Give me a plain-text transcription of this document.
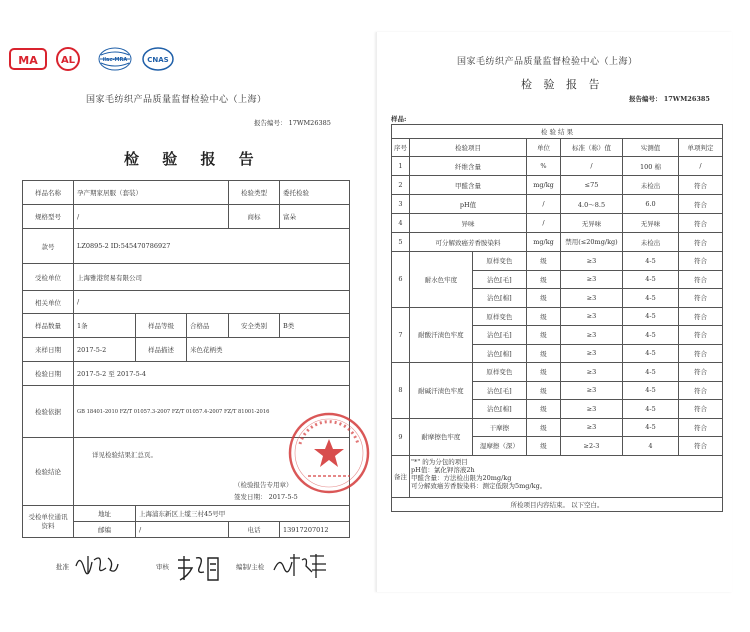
MA AL	ilac-MRA	CNAS
国家毛纺织产品质量监督检验中心（上海）
报告编号： 17WM26385
检 验 报 告
样品名称	孕产期家居服（套装）			检验类型	委托检验
规格型号	/			商标	富朵
款号	LZ0895-2 ID:545470786927				
受检单位	上海雅港贸易有限公司				
相关单位	/				
样品数量	1条	样品等级	合格品	安全类别	B类
来样日期	2017-5-2	样品描述	米色花柄类		
检验日期	2017-5-2 至 2017-5-4				
检验依据	GB 18401-2010 FZ/T 01057.3-2007 FZ/T 01057.4-2007 FZ/T 81001-2016				
检验结论	详见检验结果汇总页。
（检验报告专用章）
签发日期： 2017-5-5				

受检单位通讯资料	地址	上海浦东新区上缆三村45号甲			
	邮编	/		电话	13917207012
批准	审核	编制/主检
国家毛纺织产品质量监督检验中心（上海）
检 验 报 告
报告编号： 17WM26385
样品:
检 验 结 果						
序号	检验项目		单位	标准（称）值	实测值	单项判定
1	纤维含量		%	/	100 棉	/
2	甲醛含量		mg/kg	≤75	未检出	符合
3	pH值		/	4.0～8.5	6.0	符合
4	异味		/	无异味	无异味	符合
5	可分解致癌芳香胺染料		mg/kg	禁用(≤20mg/kg)	未检出	符合
6	耐水色牢度	原样变色	级	≥3	4-5	符合
		沾色[毛]	级	≥3	4-5	符合
		沾色[棉]	级	≥3	4-5	符合
7	耐酸汗渍色牢度	原样变色	级	≥3	4-5	符合
		沾色[毛]	级	≥3	4-5	符合
		沾色[棉]	级	≥3	4-5	符合
8	耐碱汗渍色牢度	原样变色	级	≥3	4-5	符合
		沾色[毛]	级	≥3	4-5	符合
		沾色[棉]	级	≥3	4-5	符合
9	耐摩擦色牢度	干摩擦	级	≥3	4-5	符合
		湿摩擦（深）	级	≥2-3	4	符合
备注	"*" 的为分包的项目
pH值：氯化钾溶液2h
甲醛含量：方法检出限为20mg/kg
可分解致癌芳香胺染料：测定低限为5mg/kg。					

所检项目内容结束。 以下空白。						
